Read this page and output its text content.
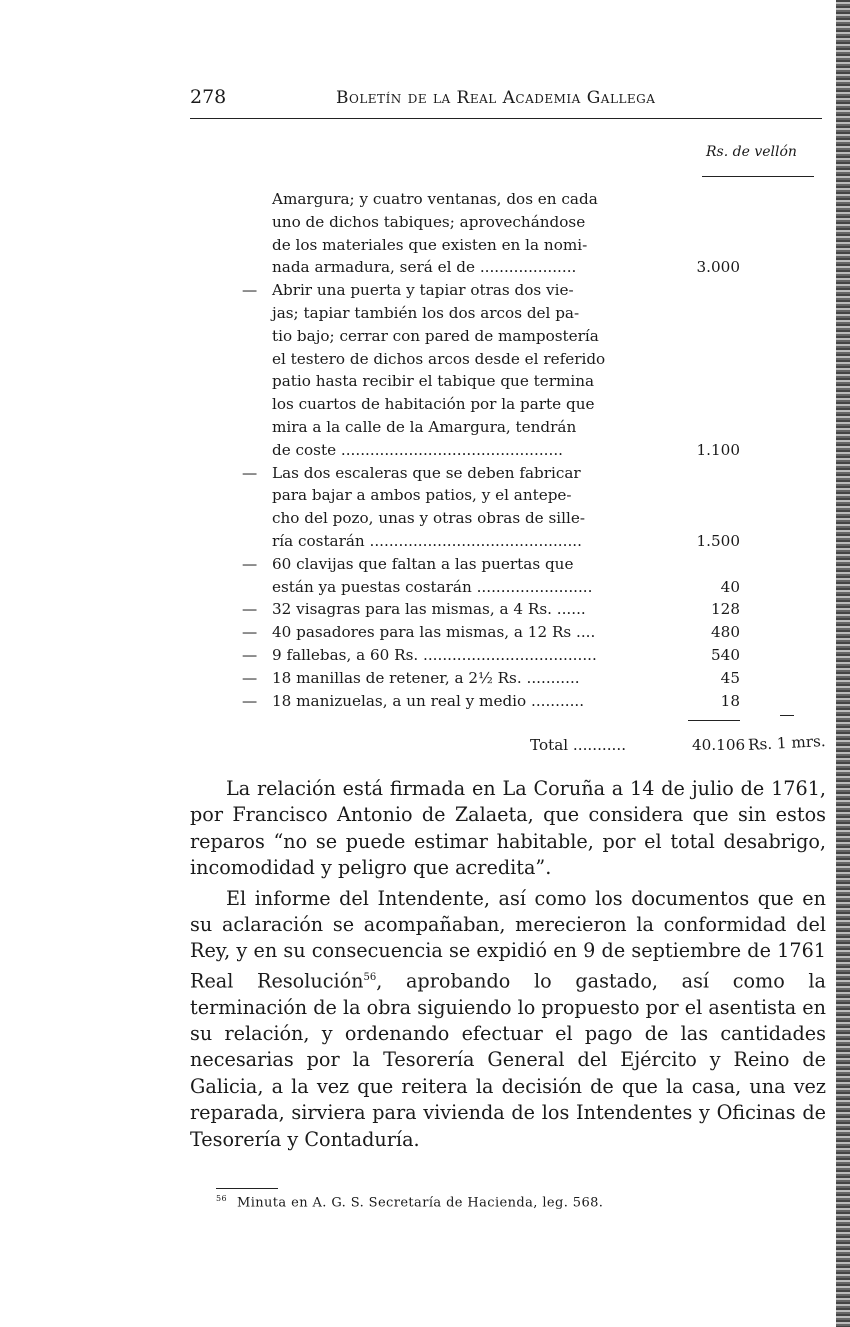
278	Boletín de la Real Academia Gallega
Rs. de vellón
Amargura; y cuatro ventanas, dos en cada
uno de dichos tabiques; aprovechándose
de los materiales que existen en la nomi-
nada armadura, será el de ....................	3.000
— Abrir una puerta y tapiar otras dos vie-
jas; tapiar también los dos arcos del pa-
tio bajo; cerrar con pared de mampostería
el testero de dichos arcos desde el referido
patio hasta recibir el tabique que termina
los cuartos de habitación por la parte que
mira a la calle de la Amargura, tendrán
de coste ..............................................	1.100
— Las dos escaleras que se deben fabricar
para bajar a ambos patios, y el antepe-
cho del pozo, unas y otras obras de sille-
ría costarán ............................................	1.500
— 60 clavijas que faltan a las puertas que
están ya puestas costarán ........................	40
— 32 visagras para las mismas, a 4 Rs. ......	128
— 40 pasadores para las mismas, a 12 Rs ....	480
— 9 fallebas, a 60 Rs. ....................................	540
— 18 manillas de retener, a 2½ Rs. ...........	45
— 18 manizuelas, a un real y medio ...........	18
Total ...........	40.106 Rs. 1 mrs.

La relación está firmada en La Coruña a 14 de julio de 1761, por Francisco Antonio de Zalaeta, que considera que sin estos reparos “no se puede estimar habitable, por el total desabrigo, incomodidad y peligro que acredita”.

El informe del Intendente, así como los documentos que en su aclaración se acompañaban, merecieron la conformidad del Rey, y en su consecuencia se expidió en 9 de septiembre de 1761 Real Resolución$^{56}$, aprobando lo gastado, así como la terminación de la obra siguiendo lo propuesto por el asentista en su relación, y ordenando efectuar el pago de las cantidades necesarias por la Tesorería General del Ejército y Reino de Galicia, a la vez que reitera la decisión de que la casa, una vez reparada, sirviera para vivienda de los Intendentes y Oficinas de Tesorería y Contaduría.

$^{56}$ Minuta en A. G. S. Secretaría de Hacienda, leg. 568.
